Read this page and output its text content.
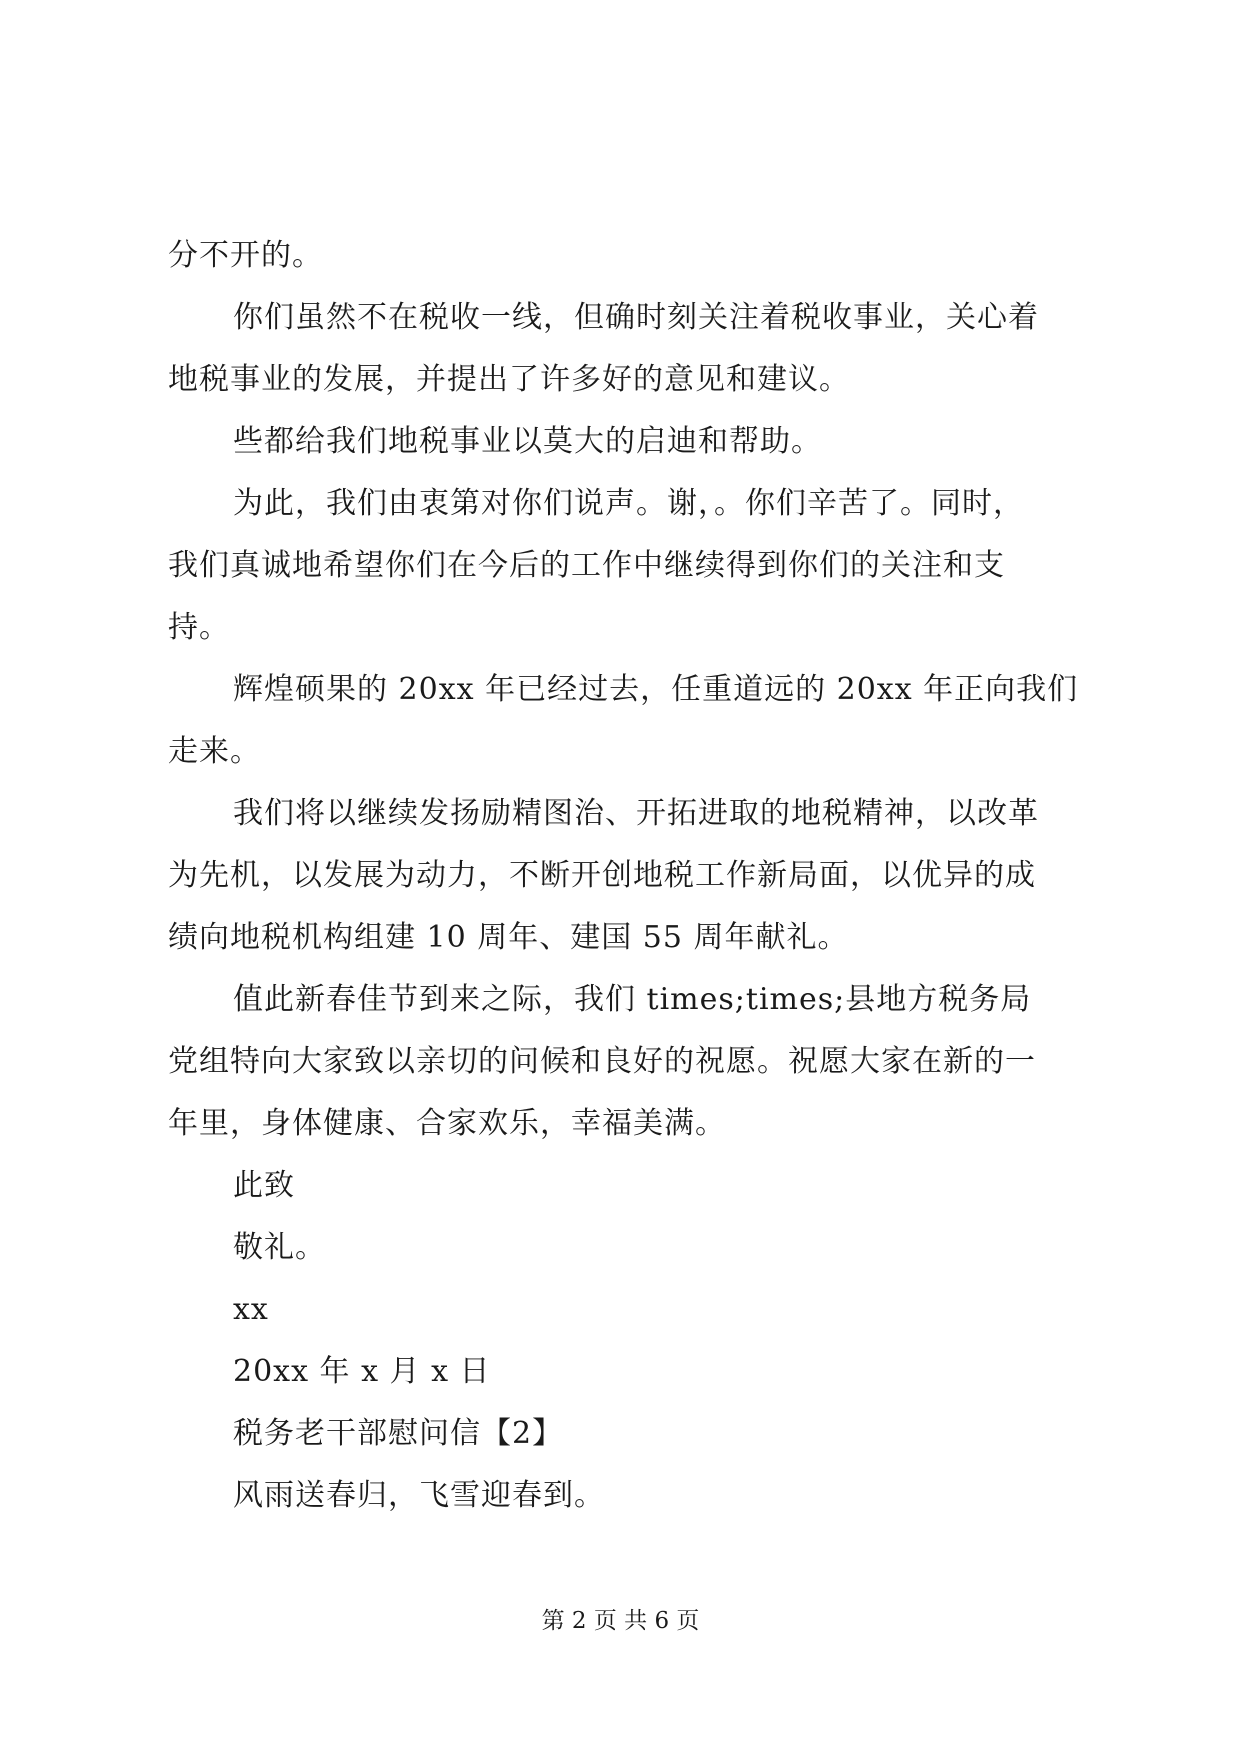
分不开的。
你们虽然不在税收一线，但确时刻关注着税收事业，关心着
地税事业的发展，并提出了许多好的意见和建议。
些都给我们地税事业以莫大的启迪和帮助。
为此，我们由衷第对你们说声。谢，。你们辛苦了。同时，
我们真诚地希望你们在今后的工作中继续得到你们的关注和支
持。
辉煌硕果的 20xx 年已经过去，任重道远的 20xx 年正向我们
走来。
我们将以继续发扬励精图治、开拓进取的地税精神，以改革
为先机，以发展为动力，不断开创地税工作新局面，以优异的成
绩向地税机构组建 10 周年、建国 55 周年献礼。
值此新春佳节到来之际，我们 times;times;县地方税务局
党组特向大家致以亲切的问候和良好的祝愿。祝愿大家在新的一
年里，身体健康、合家欢乐，幸福美满。
此致
敬礼。
xx
20xx 年 x 月 x 日
税务老干部慰问信【2】
风雨送春归，飞雪迎春到。
第 2 页 共 6 页
